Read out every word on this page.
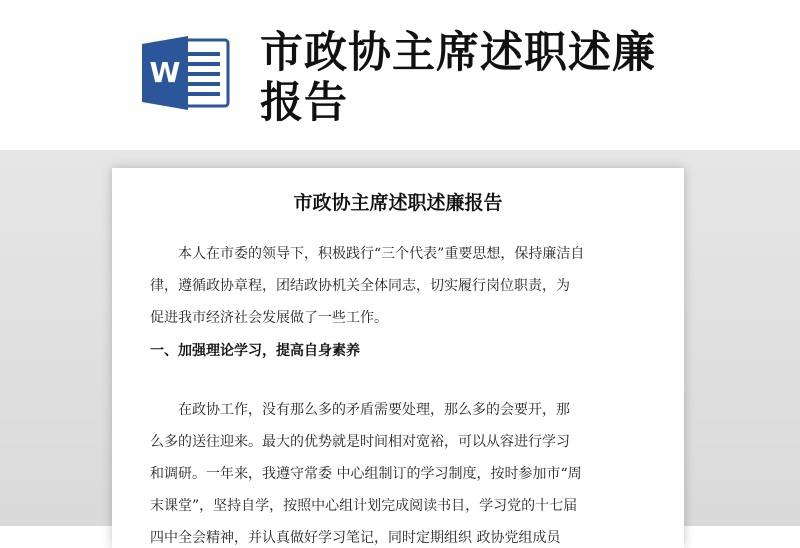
W 市政协主席述职述廉
报告
市政协主席述职述廉报告

本人在市委的领导下，积极践行“三个代表”重要思想，保持廉洁自
律，遵循政协章程，团结政协机关全体同志，切实履行岗位职责，为
促进我市经济社会发展做了一些工作。

一、加强理论学习，提高自身素养

在政协工作，没有那么多的矛盾需要处理，那么多的会要开，那
么多的送往迎来。最大的优势就是时间相对宽裕，可以从容进行学习
和调研。一年来，我遵守常委 中心组制订的学习制度，按时参加市“周
末课堂”，坚持自学，按照中心组计划完成阅读书目，学习党的十七届
四中全会精神，并认真做好学习笔记，同时定期组织 政协党组成员
